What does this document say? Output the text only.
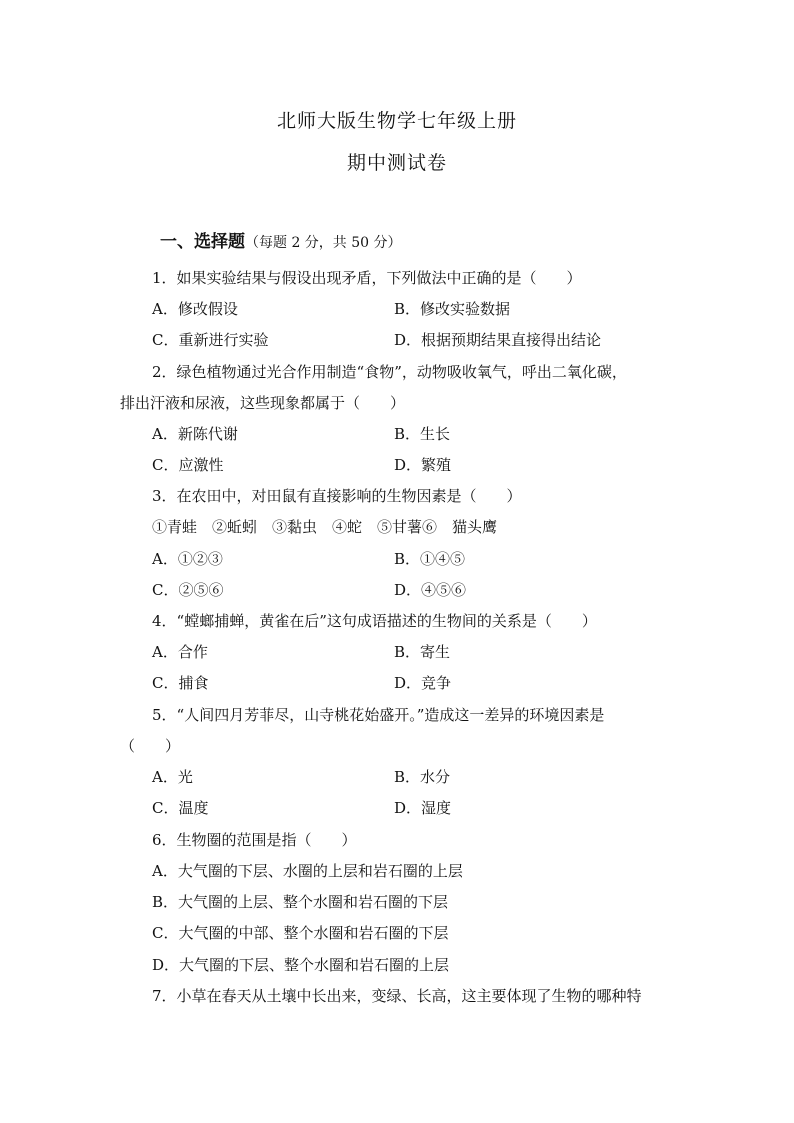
北师大版生物学七年级上册
期中测试卷
一、选择题（每题 2 分，共 50 分）
1．如果实验结果与假设出现矛盾，下列做法中正确的是（　　）
A．修改假设	B．修改实验数据
C．重新进行实验	D．根据预期结果直接得出结论
2．绿色植物通过光合作用制造“食物”，动物吸收氧气，呼出二氧化碳，
排出汗液和尿液，这些现象都属于（　　）
A．新陈代谢	B．生长
C．应激性	D．繁殖
3．在农田中，对田鼠有直接影响的生物因素是（　　）
①青蛙　②蚯蚓　③黏虫　④蛇　⑤甘薯⑥　猫头鹰
A．①②③	B．①④⑤
C．②⑤⑥	D．④⑤⑥
4．“螳螂捕蝉，黄雀在后”这句成语描述的生物间的关系是（　　）
A．合作	B．寄生
C．捕食	D．竞争
5．“人间四月芳菲尽，山寺桃花始盛开。”造成这一差异的环境因素是
（　　）
A．光	B．水分
C．温度	D．湿度
6．生物圈的范围是指（　　）
A．大气圈的下层、水圈的上层和岩石圈的上层
B．大气圈的上层、整个水圈和岩石圈的下层
C．大气圈的中部、整个水圈和岩石圈的下层
D．大气圈的下层、整个水圈和岩石圈的上层
7．小草在春天从土壤中长出来，变绿、长高，这主要体现了生物的哪种特
